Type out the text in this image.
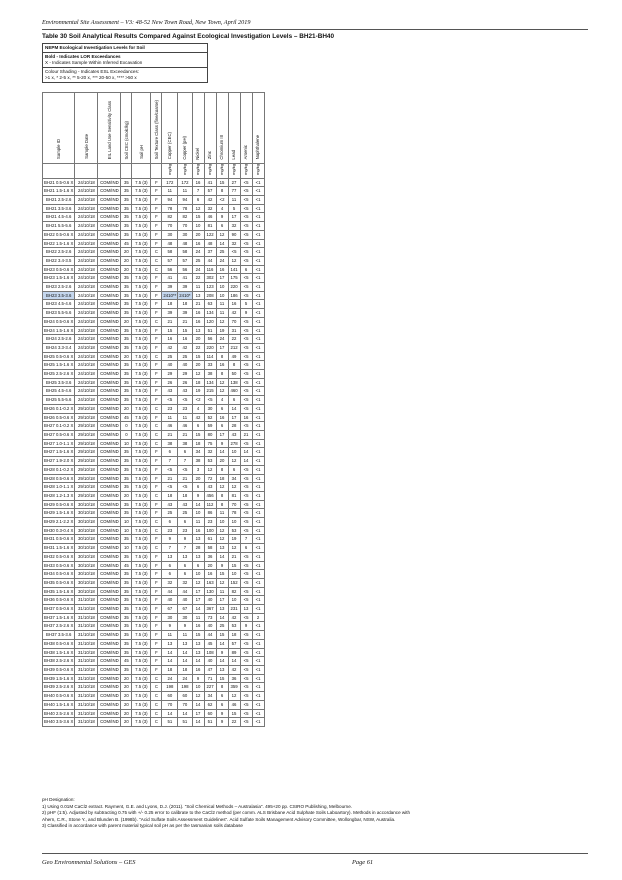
Environmental Site Assessment – V3: 48-52 New Town Road, New Town, April 2019
Table 30 Soil Analytical Results Compared Against Ecological Investigation Levels – BH21-BH40
NEPM Ecological Investigation Levels for Soil
Bold - Indicates LOR Exceedances
X - Indicates Sample Within Inferred Excavation
Colour Shading - Indicates ESL Exceedances:
>1 x, * 2-5 x, ** 5-20 x, *** 20-50 x, **** >50 x
Sample ID	Sample Date	EIL Land Use Sensitivity Class	Soil CEC (cmolc/kg)	Soil pH	Soil Texture Class (fine/coarse)	Copper (CEC)	Copper (pH)	Nickel	Zinc	Chromium III	Lead	Arsenic	Naphthalene
						mg/kg	mg/kg	mg/kg	mg/kg	mg/kg	mg/kg	mg/kg	mg/kg
BH21 0.5-0.6 X	24/10/18	COM/IND	35	7.5 (3)	F	172	172	16	41	15	27	<5	<1
BH21 1.5-1.6 X	24/10/18	COM/IND	35	7.5 (3)	F	11	11	7	57	8	77	<5	<1
BH21 2.5-2.6	24/10/18	COM/IND	35	7.5 (3)	F	94	94	6	42	<2	11	<5	<1
BH21 3.5-3.6	24/10/18	COM/IND	35	7.5 (3)	F	78	78	12	32	4	5	<5	<1
BH21 4.5-4.6	24/10/18	COM/IND	35	7.5 (3)	F	82	82	15	46	9	17	<5	<1
BH21 5.5-5.6	24/10/18	COM/IND	35	7.5 (3)	F	70	70	10	81	6	32	<5	<1
BH22 0.5-0.6 X	24/10/18	COM/IND	35	7.5 (3)	F	30	30	20	122	12	90	<5	<1
BH22 1.5-1.6 X	24/10/18	COM/IND	45	7.5 (3)	F	48	48	16	48	14	32	<5	<1
BH22 2.5-2.6	24/10/18	COM/IND	20	7.5 (3)	C	58	58	24	37	25	<5	<5	<1
BH22 3.4-3.5	24/10/18	COM/IND	20	7.5 (3)	C	57	57	25	44	24	12	<5	<1
BH23 0.5-0.6 X	24/10/18	COM/IND	20	7.5 (3)	C	56	56	24	116	16	141	6	<1
BH23 1.5-1.6 X	24/10/18	COM/IND	35	7.5 (3)	F	41	41	22	302	17	175	<5	<1
BH23 2.5-2.6	24/10/18	COM/IND	35	7.5 (3)	F	39	39	11	123	10	220	<5	<1
BH23 3.5-3.6	24/10/18	COM/IND	35	7.5 (3)	F	2410**	2410*	13	208	10	186	<5	<1
BH23 4.5-4.6	24/10/18	COM/IND	35	7.5 (3)	F	18	18	21	63	11	16	5	<1
BH23 5.5-5.6	24/10/18	COM/IND	35	7.5 (3)	F	39	39	16	134	11	42	9	<1
BH24 0.5-0.6 X	24/10/18	COM/IND	20	7.5 (3)	C	21	21	16	120	12	70	<5	<1
BH24 1.5-1.6 X	24/10/18	COM/IND	35	7.5 (3)	F	15	15	13	51	19	31	<5	<1
BH24 2.5-2.6	24/10/18	COM/IND	35	7.5 (3)	F	16	16	20	56	24	22	<5	<1
BH24 3.3-3.4	24/10/18	COM/IND	35	7.5 (3)	F	42	42	22	220	17	212	<5	<1
BH25 0.5-0.6 X	24/10/18	COM/IND	20	7.5 (3)	C	25	25	15	114	8	49	<5	<1
BH25 1.5-1.6 X	24/10/18	COM/IND	35	7.5 (3)	F	40	40	20	33	16	8	<5	<1
BH25 2.5-2.6 X	24/10/18	COM/IND	35	7.5 (3)	F	29	29	12	38	8	50	<5	<1
BH25 3.5-3.6	24/10/18	COM/IND	35	7.5 (3)	F	26	26	18	134	12	138	<5	<1
BH25 4.5-4.6	24/10/18	COM/IND	35	7.5 (3)	F	43	43	19	215	12	460	<5	<1
BH25 5.5-5.6	24/10/18	COM/IND	35	7.5 (3)	F	<5	<5	<2	<5	4	6	<5	<1
BH26 0.1-0.2 X	29/10/18	COM/IND	20	7.5 (3)	C	23	23	4	30	6	14	<5	<1
BH26 0.5-0.6 X	29/10/18	COM/IND	45	7.5 (3)	F	11	11	42	52	16	17	16	<1
BH27 0.1-0.2 X	29/10/18	COM/IND	0	7.5 (3)	C	46	46	6	59	6	28	<5	<1
BH27 0.5-0.6 X	29/10/18	COM/IND	0	7.5 (3)	C	21	21	15	80	17	43	21	<1
BH27 1.0-1.1 X	29/10/18	COM/IND	10	7.5 (3)	C	38	38	18	75	9	278	<5	<1
BH27 1.5-1.6 X	29/10/18	COM/IND	35	7.5 (3)	F	6	6	34	32	14	10	14	<1
BH27 1.9-2.0 X	29/10/18	COM/IND	35	7.5 (3)	F	7	7	38	53	20	12	14	<1
BH28 0.1-0.2 X	29/10/18	COM/IND	35	7.5 (3)	F	<5	<5	3	12	8	6	<5	<1
BH28 0.5-0.6 X	29/10/18	COM/IND	35	7.5 (3)	F	21	21	20	72	18	34	<5	<1
BH28 1.0-1.1 X	29/10/18	COM/IND	35	7.5 (3)	F	<5	<5	6	43	12	12	<5	<1
BH28 1.2-1.3 X	29/10/18	COM/IND	20	7.5 (3)	C	18	18	9	456	8	81	<5	<1
BH29 0.5-0.6 X	30/10/18	COM/IND	35	7.5 (3)	F	43	43	14	112	8	70	<5	<1
BH29 1.5-1.6 X	30/10/18	COM/IND	35	7.5 (3)	F	25	25	10	86	11	78	<5	<1
BH29 2.1-2.2 X	30/10/18	COM/IND	10	7.5 (3)	C	6	6	11	23	10	10	<5	<1
BH30 0.3-0.4 X	30/10/18	COM/IND	10	7.5 (3)	C	23	23	16	100	12	53	<5	<1
BH31 0.5-0.6 X	30/10/18	COM/IND	35	7.5 (3)	F	9	9	13	61	12	19	7	<1
BH31 1.5-1.6 X	30/10/18	COM/IND	10	7.5 (3)	C	7	7	28	58	13	12	6	<1
BH32 0.5-0.6 X	30/10/18	COM/IND	35	7.5 (3)	F	13	13	13	36	14	21	<5	<1
BH33 0.5-0.6 X	30/10/18	COM/IND	45	7.5 (3)	F	6	6	6	20	9	15	<5	<1
BH34 0.5-0.6 X	30/10/18	COM/IND	35	7.5 (3)	F	6	6	10	16	15	10	<5	<1
BH35 0.5-0.6 X	30/10/18	COM/IND	35	7.5 (3)	F	32	32	12	163	12	152	<5	<1
BH35 1.5-1.6 X	30/10/18	COM/IND	35	7.5 (3)	F	44	44	17	130	11	82	<5	<1
BH36 0.5-0.6 X	31/10/18	COM/IND	35	7.5 (3)	F	40	40	17	40	17	10	<5	<1
BH37 0.5-0.6 X	31/10/18	COM/IND	35	7.5 (3)	F	67	67	14	367	13	231	13	<1
BH37 1.5-1.6 X	31/10/18	COM/IND	35	7.5 (3)	F	30	30	11	73	14	42	<5	2
BH37 2.5-2.6 X	31/10/18	COM/IND	35	7.5 (3)	F	9	9	16	40	25	53	9	<1
BH37 3.5-3.6	31/10/18	COM/IND	35	7.5 (3)	F	11	11	15	44	15	18	<5	<1
BH38 0.5-0.6 X	31/10/18	COM/IND	35	7.5 (3)	F	13	13	13	45	14	57	<5	<1
BH38 1.5-1.6 X	31/10/18	COM/IND	35	7.5 (3)	F	14	14	13	108	9	89	<5	<1
BH38 2.5-2.6 X	31/10/18	COM/IND	45	7.5 (3)	F	14	14	14	40	14	14	<5	<1
BH39 0.5-0.6 X	31/10/18	COM/IND	35	7.5 (3)	F	18	18	16	47	13	42	<5	<1
BH39 1.5-1.6 X	31/10/18	COM/IND	20	7.5 (3)	C	24	24	9	71	15	36	<5	<1
BH39 2.5-2.6 X	31/10/18	COM/IND	20	7.5 (3)	C	198	198	10	227	8	359	<5	<1
BH40 0.5-0.6 X	31/10/18	COM/IND	20	7.5 (3)	C	60	60	12	34	6	12	<5	<1
BH40 1.5-1.6 X	31/10/18	COM/IND	20	7.5 (3)	C	70	70	14	62	6	46	<5	<1
BH40 2.5-2.6 X	31/10/18	COM/IND	20	7.5 (3)	C	14	14	17	60	9	15	<5	<1
BH40 3.5-3.6 X	31/10/18	COM/IND	20	7.5 (3)	C	51	51	14	51	9	22	<5	<1
pH Designation:
1) Using 0.01M CaCl2 extract. Rayment, G.E. and Lyons, D.J. (2011). "Soil Chemical Methods – Australasia". 495+20 pp. CSIRO Publishing, Melbourne.
2) pHF (1:5). Adjusted by subtracting 0.75 with +/- 0.25 error to calibrate to the CaCl2 method (per comm. ALS Brisbane Acid Sulphate Soils Laboartory). Methods in accordance with
Ahern, C.R., Stone Y., and Blunden B. (1998b). "Acid Sulfate Soils Assessment Guidelines". Acid Sulfate Soils Management Advisory Committee, Wollongbar, NSW, Australia.
3) Classified in accordance with parent material typical soil pH as per the tasmanian soils database
Geo Environmental Solutions – GES	Page 61
